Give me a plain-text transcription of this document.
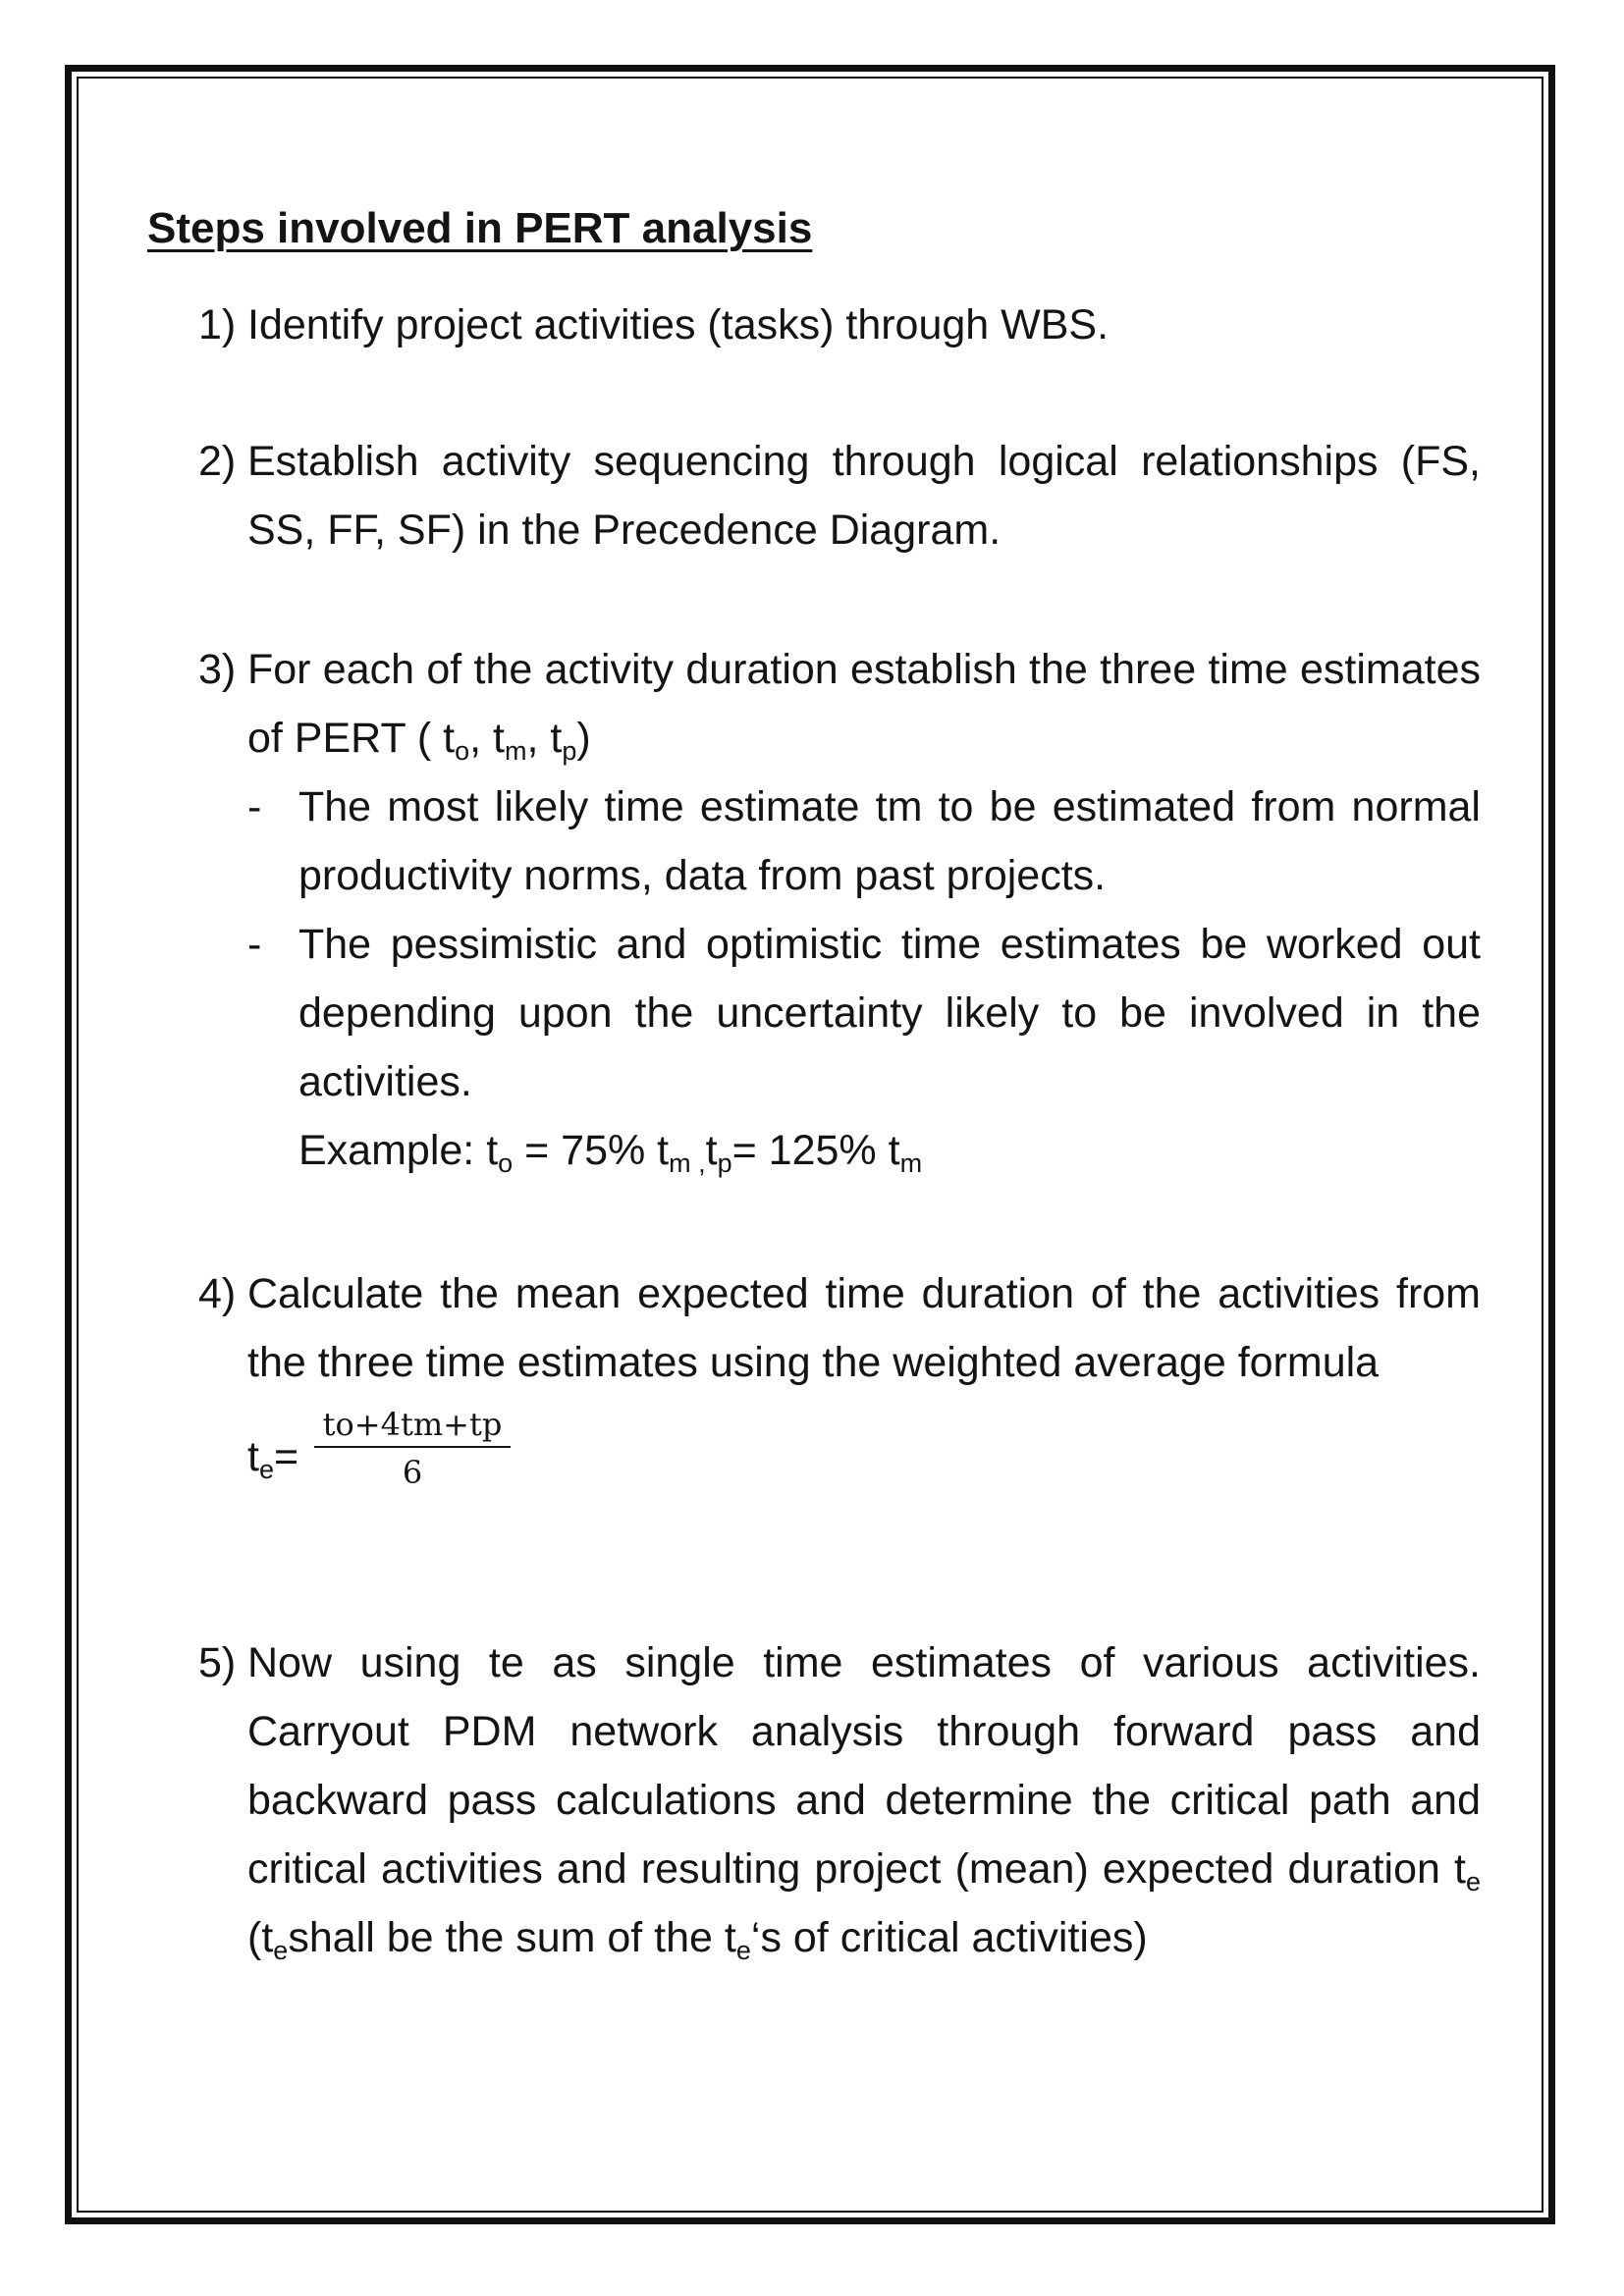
Steps involved in PERT analysis
1) Identify project activities (tasks) through WBS.
2) Establish activity sequencing through logical relationships (FS, SS, FF, SF) in the Precedence Diagram.
3) For each of the activity duration establish the three time estimates of PERT ( $t_o$, $t_m$, $t_p$)
- The most likely time estimate tm to be estimated from normal productivity norms, data from past projects.
- The pessimistic and optimistic time estimates be worked out depending upon the uncertainty likely to be involved in the activities.
Example: $t_o = 75\%$ $t_{m ,}t_p= 125\%$ $t_m$
4) Calculate the mean expected time duration of the activities from the three time estimates using the weighted average formula
$t_e= \frac{to+4tm+tp}{6}$
5) Now using te as single time estimates of various activities. Carryout PDM network analysis through forward pass and backward pass calculations and determine the critical path and critical activities and resulting project (mean) expected duration $t_e$ ($t_eshall$ be the sum of the $t_e‘s$ of critical activities)
